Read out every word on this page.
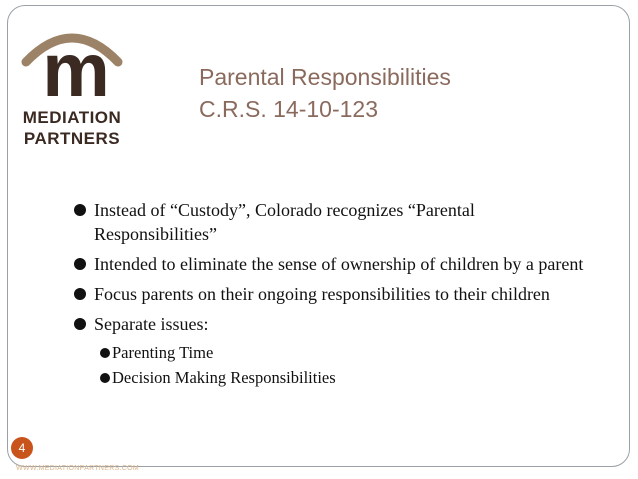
m
MEDIATION
PARTNERS
Parental Responsibilities
C.R.S. 14-10-123
Instead of “Custody”, Colorado recognizes “Parental Responsibilities”
Intended to eliminate the sense of ownership of children by a parent
Focus parents on their ongoing responsibilities to their children
Separate issues:
Parenting Time
Decision Making Responsibilities
4
WWW.MEDIATIONPARTNERS.COM
